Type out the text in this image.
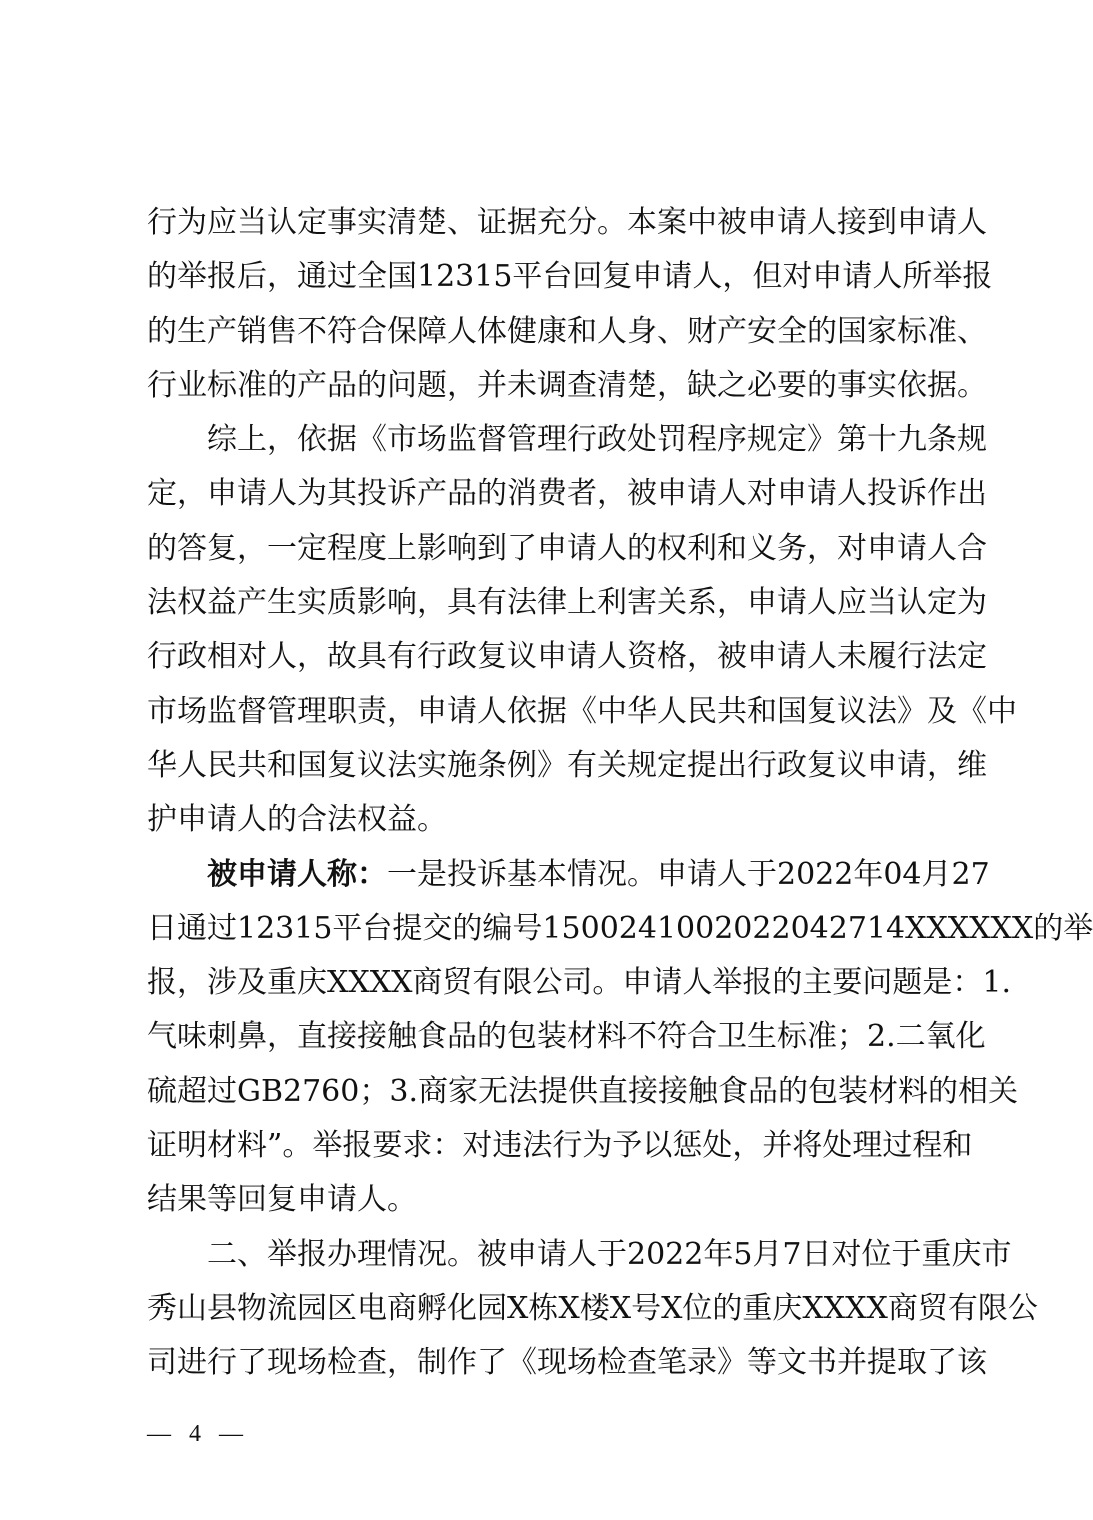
行为应当认定事实清楚、证据充分。本案中被申请人接到申请人
的举报后，通过全国12315平台回复申请人，但对申请人所举报
的生产销售不符合保障人体健康和人身、财产安全的国家标准、
行业标准的产品的问题，并未调查清楚，缺之必要的事实依据。
综上，依据《市场监督管理行政处罚程序规定》第十九条规
定，申请人为其投诉产品的消费者，被申请人对申请人投诉作出
的答复，一定程度上影响到了申请人的权利和义务，对申请人合
法权益产生实质影响，具有法律上利害关系，申请人应当认定为
行政相对人，故具有行政复议申请人资格，被申请人未履行法定
市场监督管理职责，申请人依据《中华人民共和国复议法》及《中
华人民共和国复议法实施条例》有关规定提出行政复议申请，维
护申请人的合法权益。
被申请人称：一是投诉基本情况。申请人于2022年04月27
日通过12315平台提交的编号1500241002022042714XXXXXX的举
报，涉及重庆XXXX商贸有限公司。申请人举报的主要问题是：1.
气味刺鼻，直接接触食品的包装材料不符合卫生标准；2.二氧化
硫超过GB2760；3.商家无法提供直接接触食品的包装材料的相关
证明材料”。举报要求：对违法行为予以惩处，并将处理过程和
结果等回复申请人。
二、举报办理情况。被申请人于2022年5月7日对位于重庆市
秀山县物流园区电商孵化园X栋X楼X号X位的重庆XXXX商贸有限公
司进行了现场检查，制作了《现场检查笔录》等文书并提取了该
— 4 —
